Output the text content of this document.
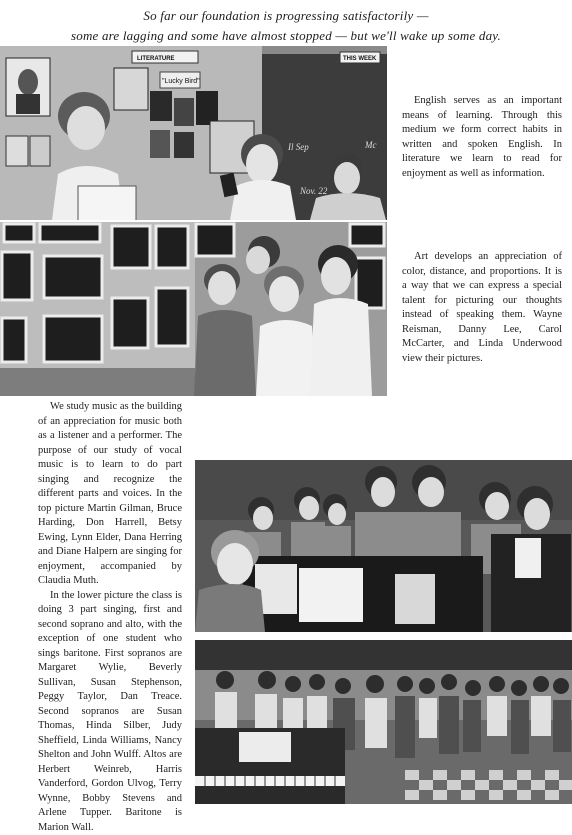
So far our foundation is progressing satisfactorily —
some are lagging and some have almost stopped — but we'll wake up some day.
LITERATURE	THIS WEEK
"Lucky Bird"
Il Sep
Nov. 22
Mc
English serves as an important means of learning. Through this medium we form correct habits in written and spoken English. In literature we learn to read for enjoyment as well as information.
Art develops an appreciation of color, distance, and proportions. It is a way that we can express a special talent for picturing our thoughts instead of speaking them. Wayne Reisman, Danny Lee, Carol McCarter, and Linda Underwood view their pictures.

We study music as the building of an appreciation for music both as a listener and a performer. The purpose of our study of vocal music is to learn to do part singing and recognize the different parts and voices. In the top picture Martin Gilman, Bruce Harding, Don Harrell, Betsy Ewing, Lynn Elder, Dana Herring and Diane Halpern are singing for enjoyment, accompanied by Claudia Muth.

In the lower picture the class is doing 3 part singing, first and second soprano and alto, with the exception of one student who sings baritone. First sopranos are Margaret Wylie, Beverly Sullivan, Susan Stephenson, Peggy Taylor, Dan Treace. Second sopranos are Susan Thomas, Hinda Silber, Judy Sheffield, Linda Williams, Nancy Shelton and John Wulff. Altos are Herbert Weinreb, Harris Vanderford, Gordon Ulvog, Terry Wynne, Bobby Stevens and Arlene Tupper. Baritone is Marion Wall.
